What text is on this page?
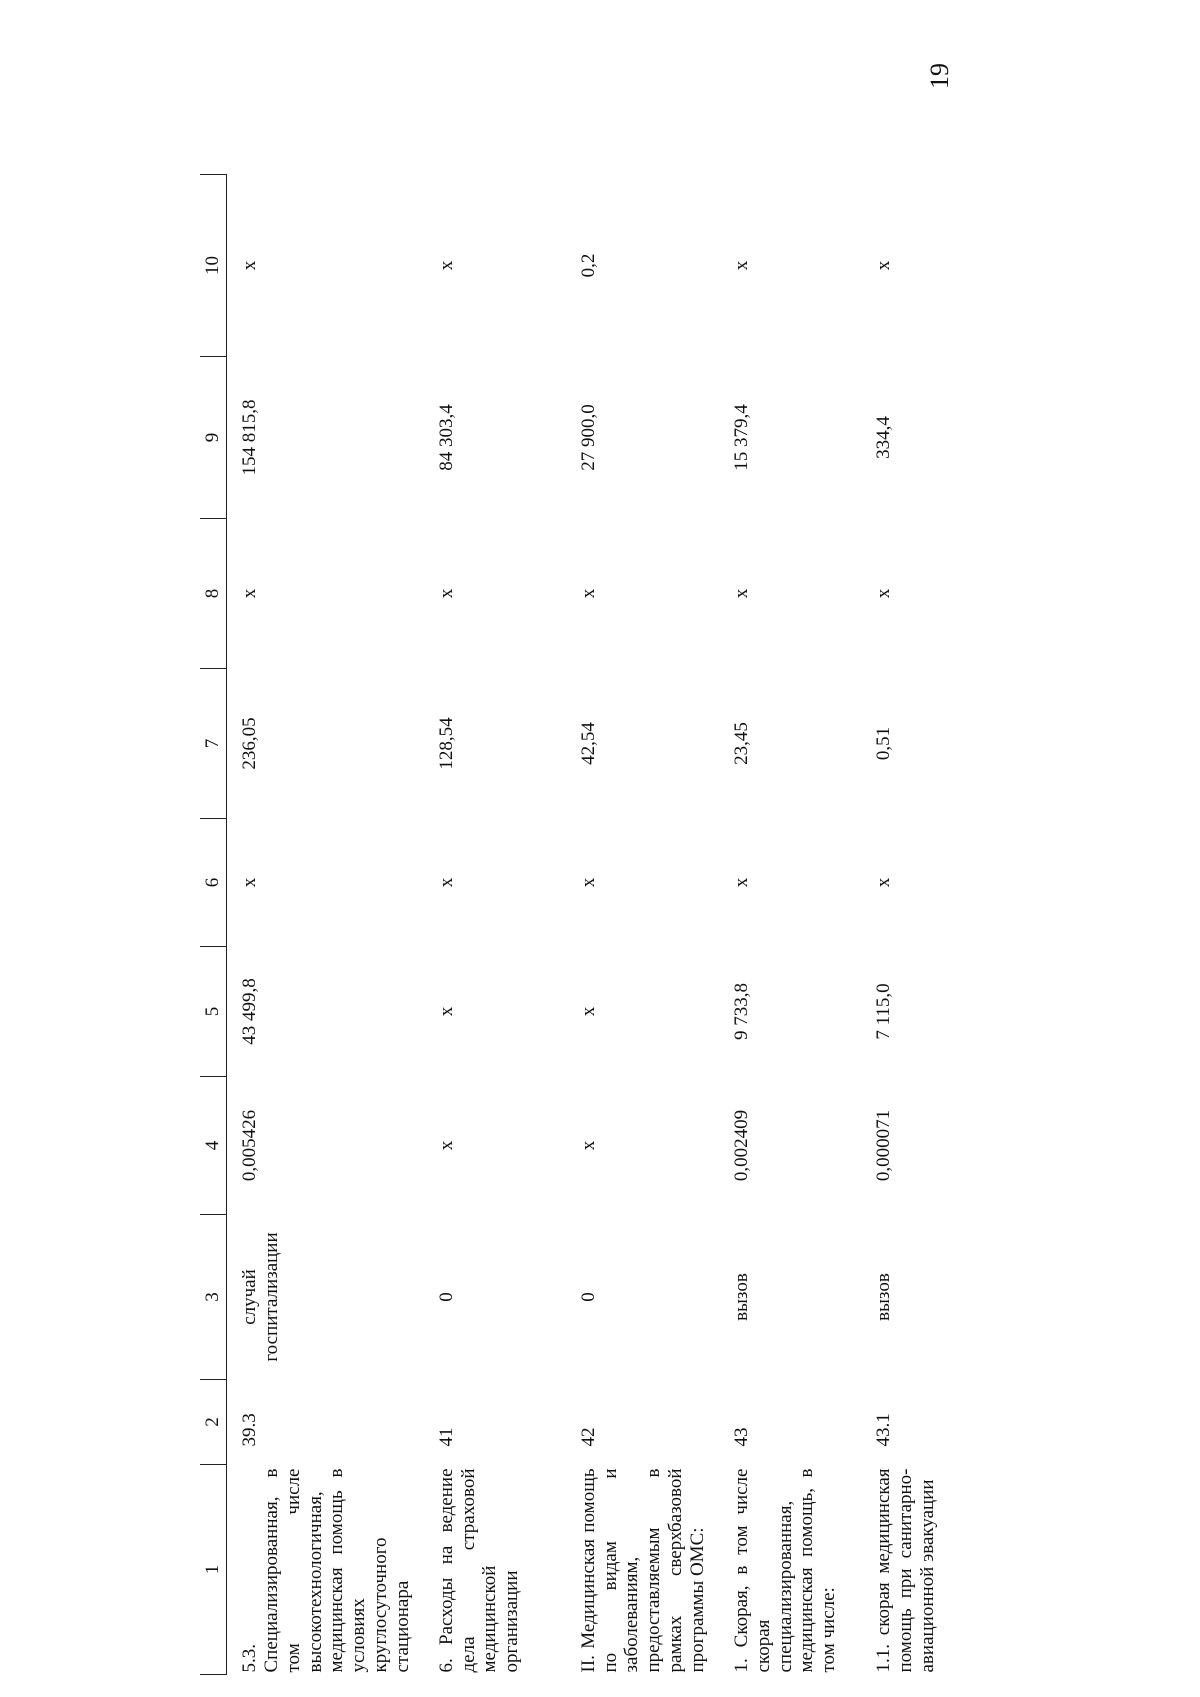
19
1	2	3	4	5	6	7	8	9	10
5.3. Специализированная, в том числе высокотехнологичная, медицинская помощь в условиях круглосуточного стационара	39.3	случай госпитализации	0,005426	43 499,8	x	236,05	x	154 815,8	x
6. Расходы на ведение дела страховой медицинской организации	41	0	x	x	x	128,54	x	84 303,4	x
II. Медицинская помощь по видам и заболеваниям, предоставляемым в рамках сверхбазовой программы ОМС:	42	0	x	x	x	42,54	x	27 900,0	0,2
1. Скорая, в том числе скорая специализированная, медицинская помощь, в том числе:	43	вызов	0,002409	9 733,8	x	23,45	x	15 379,4	x
1.1. скорая медицинская помощь при санитарно-авиационной эвакуации	43.1	вызов	0,000071	7 115,0	x	0,51	x	334,4	x
